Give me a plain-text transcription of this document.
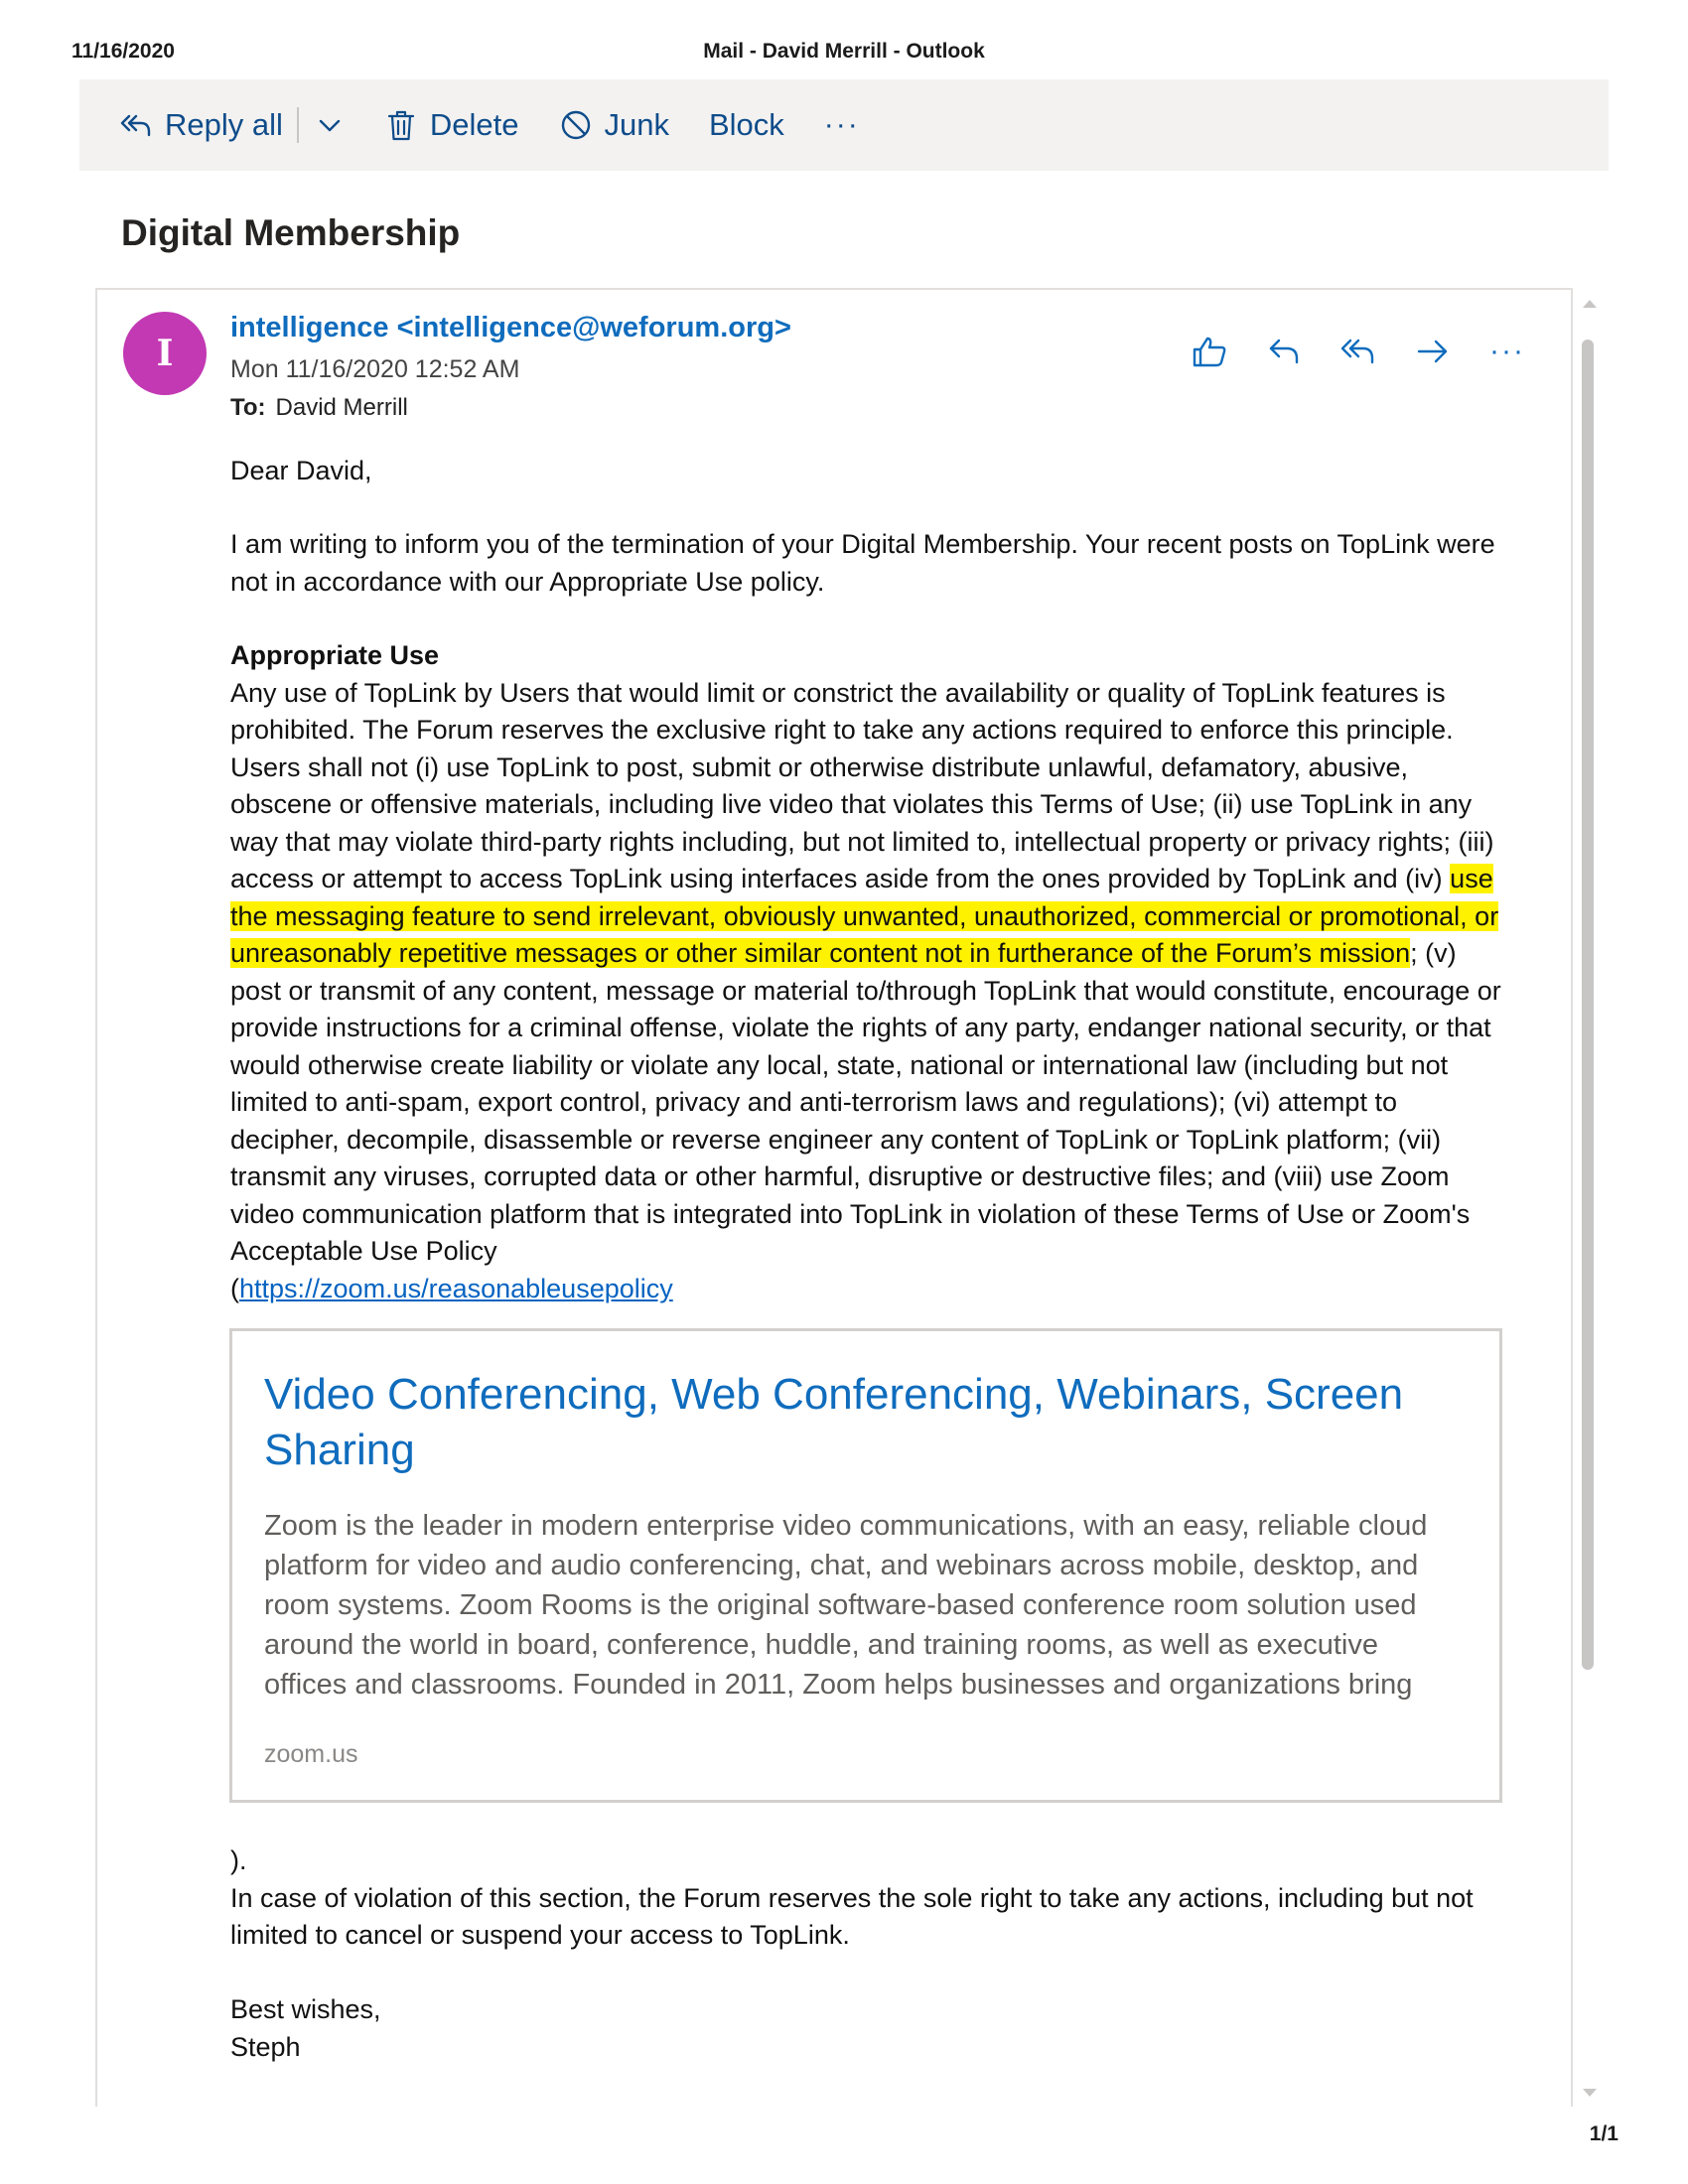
11/16/2020	Mail - David Merrill - Outlook
Reply all	Delete	Junk Block ···
Digital Membership
I
intelligence <intelligence@weforum.org>
Mon 11/16/2020 12:52 AM
To: David Merrill
···
Dear David,
I am writing to inform you of the termination of your Digital Membership. Your recent posts on TopLink were not in accordance with our Appropriate Use policy.
Appropriate Use
Any use of TopLink by Users that would limit or constrict the availability or quality of TopLink features is prohibited. The Forum reserves the exclusive right to take any actions required to enforce this principle. Users shall not (i) use TopLink to post, submit or otherwise distribute unlawful, defamatory, abusive, obscene or offensive materials, including live video that violates this Terms of Use; (ii) use TopLink in any way that may violate third-party rights including, but not limited to, intellectual property or privacy rights; (iii) access or attempt to access TopLink using interfaces aside from the ones provided by TopLink and (iv) use the messaging feature to send irrelevant, obviously unwanted, unauthorized, commercial or promotional, or unreasonably repetitive messages or other similar content not in furtherance of the Forum’s mission; (v) post or transmit of any content, message or material to/through TopLink that would constitute, encourage or provide instructions for a criminal offense, violate the rights of any party, endanger national security, or that would otherwise create liability or violate any local, state, national or international law (including but not limited to anti-spam, export control, privacy and anti-terrorism laws and regulations); (vi) attempt to decipher, decompile, disassemble or reverse engineer any content of TopLink or TopLink platform; (vii) transmit any viruses, corrupted data or other harmful, disruptive or destructive files; and (viii) use Zoom video communication platform that is integrated into TopLink in violation of these Terms of Use or Zoom's Acceptable Use Policy
(https://zoom.us/reasonableusepolicy
Video Conferencing, Web Conferencing, Webinars, Screen Sharing
Zoom is the leader in modern enterprise video communications, with an easy, reliable cloud platform for video and audio conferencing, chat, and webinars across mobile, desktop, and room systems. Zoom Rooms is the original software-based conference room solution used around the world in board, conference, huddle, and training rooms, as well as executive offices and classrooms. Founded in 2011, Zoom helps businesses and organizations bring
zoom.us
).
In case of violation of this section, the Forum reserves the sole right to take any actions, including but not limited to cancel or suspend your access to TopLink.
Best wishes,
Steph
1/1
